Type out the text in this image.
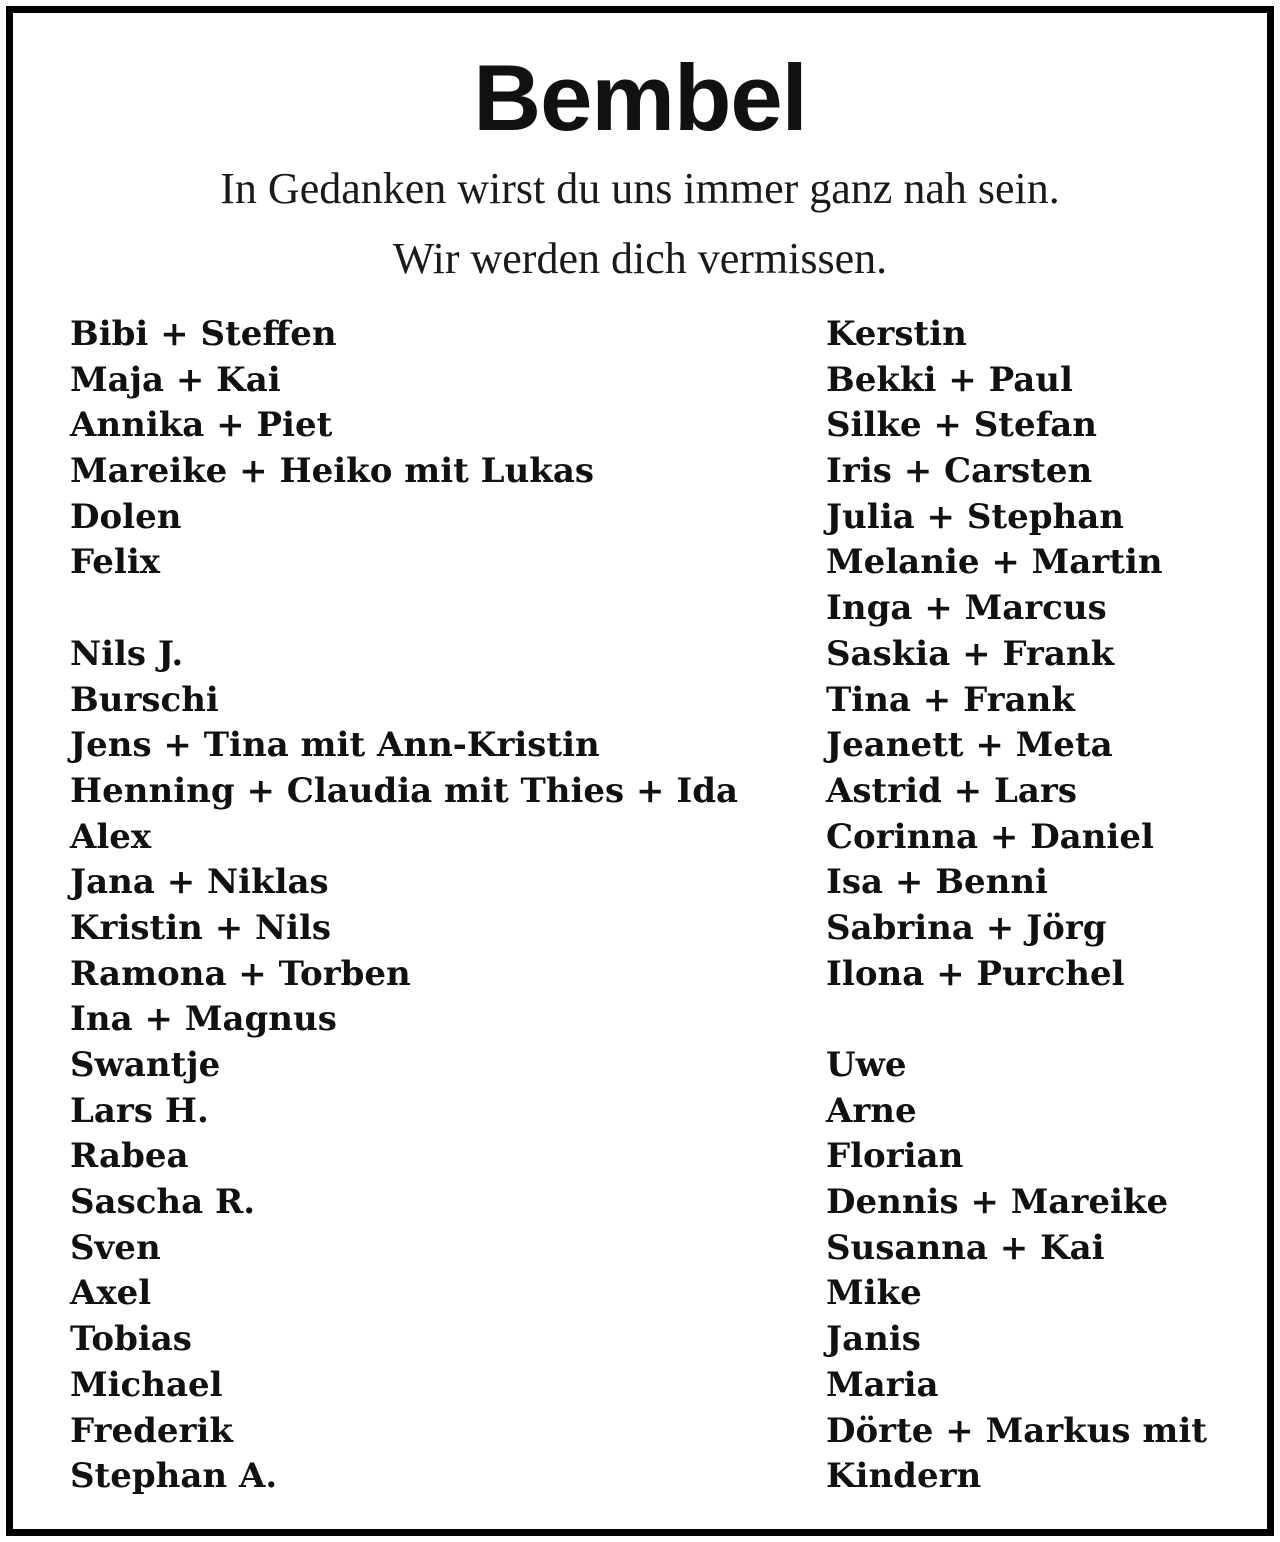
Bembel
In Gedanken wirst du uns immer ganz nah sein.
Wir werden dich vermissen.
Bibi + Steffen
Maja + Kai
Annika + Piet
Mareike + Heiko mit Lukas
Dolen
Felix
Nils J.
Burschi
Jens + Tina mit Ann-Kristin
Henning + Claudia mit Thies + Ida
Alex
Jana + Niklas
Kristin + Nils
Ramona + Torben
Ina + Magnus
Swantje
Lars H.
Rabea
Sascha R.
Sven
Axel
Tobias
Michael
Frederik
Stephan A.
Kerstin
Bekki + Paul
Silke + Stefan
Iris + Carsten
Julia + Stephan
Melanie + Martin
Inga + Marcus
Saskia + Frank
Tina + Frank
Jeanett + Meta
Astrid + Lars
Corinna + Daniel
Isa + Benni
Sabrina + Jörg
Ilona + Purchel
Uwe
Arne
Florian
Dennis + Mareike
Susanna + Kai
Mike
Janis
Maria
Dörte + Markus mit
Kindern
